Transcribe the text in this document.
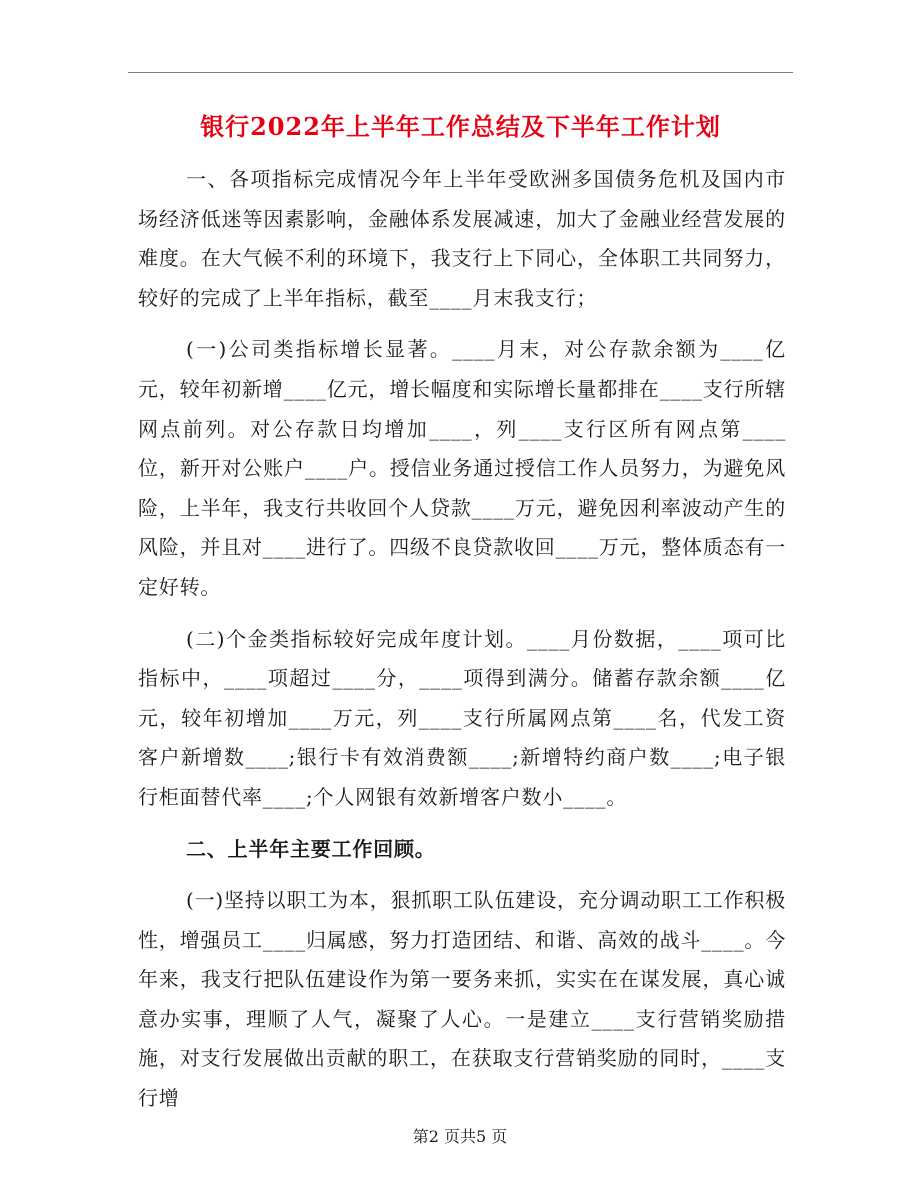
银行2022年上半年工作总结及下半年工作计划

一、各项指标完成情况今年上半年受欧洲多国债务危机及国内市场经济低迷等因素影响，金融体系发展减速，加大了金融业经营发展的难度。在大气候不利的环境下，我支行上下同心，全体职工共同努力，较好的完成了上半年指标，截至____月末我支行；

(一)公司类指标增长显著。____月末，对公存款余额为____亿元，较年初新增____亿元，增长幅度和实际增长量都排在____支行所辖网点前列。对公存款日均增加____，列____支行区所有网点第____位，新开对公账户____户。授信业务通过授信工作人员努力，为避免风险，上半年，我支行共收回个人贷款____万元，避免因利率波动产生的风险，并且对____进行了。四级不良贷款收回____万元，整体质态有一定好转。

(二)个金类指标较好完成年度计划。____月份数据，____项可比指标中，____项超过____分，____项得到满分。储蓄存款余额____亿元，较年初增加____万元，列____支行所属网点第____名，代发工资客户新增数____;银行卡有效消费额____;新增特约商户数____;电子银行柜面替代率____;个人网银有效新增客户数小____。

二、上半年主要工作回顾。

(一)坚持以职工为本，狠抓职工队伍建设，充分调动职工工作积极性，增强员工____归属感，努力打造团结、和谐、高效的战斗____。今年来，我支行把队伍建设作为第一要务来抓，实实在在谋发展，真心诚意办实事，理顺了人气，凝聚了人心。一是建立____支行营销奖励措施，对支行发展做出贡献的职工，在获取支行营销奖励的同时，____支行增

第2 页共5 页
